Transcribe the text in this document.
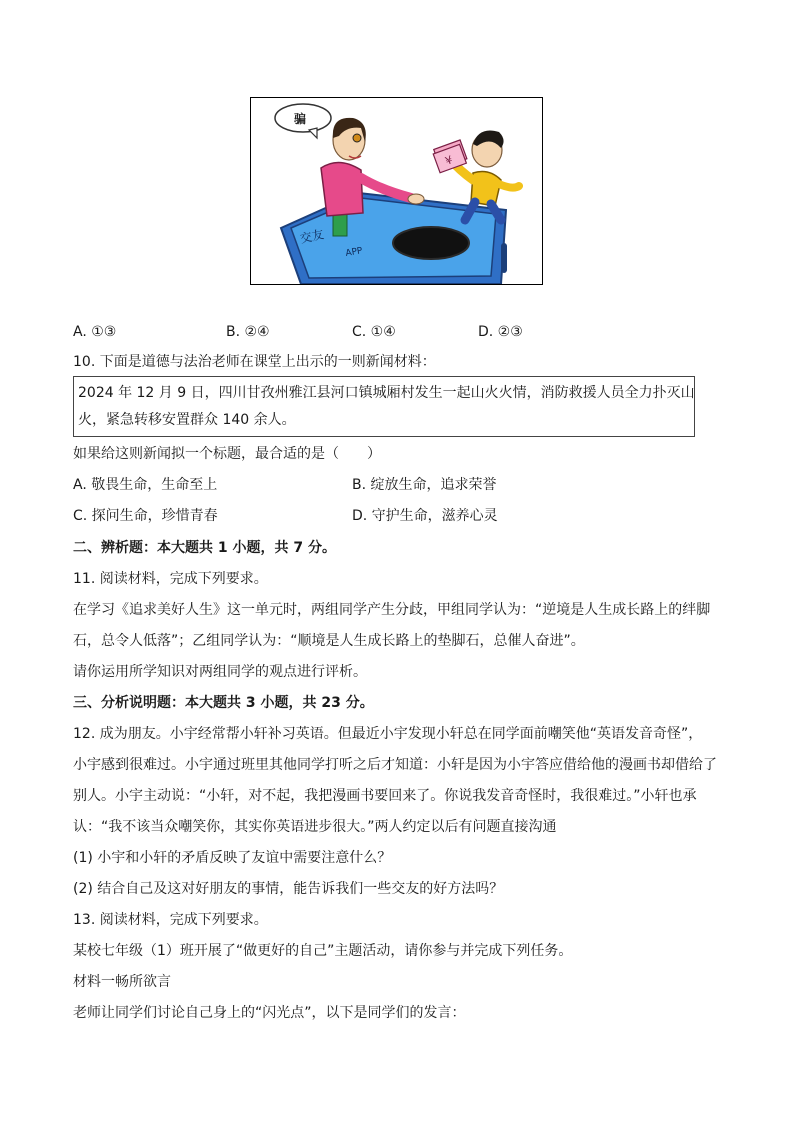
交友
APP
骗
¥
A. ①③	B. ②④	C. ①④	D. ②③
10. 下面是道德与法治老师在课堂上出示的一则新闻材料：
2024 年 12 月 9 日，四川甘孜州雅江县河口镇城厢村发生一起山火火情，消防救援人员全力扑灭山
火，紧急转移安置群众 140 余人。
如果给这则新闻拟一个标题，最合适的是（　　）
A. 敬畏生命，生命至上	B. 绽放生命，追求荣誉
C. 探问生命，珍惜青春	D. 守护生命，滋养心灵
二、辨析题：本大题共 1 小题，共 7 分。
11. 阅读材料，完成下列要求。
在学习《追求美好人生》这一单元时，两组同学产生分歧，甲组同学认为：“逆境是人生成长路上的绊脚
石，总令人低落”；乙组同学认为：“顺境是人生成长路上的垫脚石，总催人奋进”。
请你运用所学知识对两组同学的观点进行评析。
三、分析说明题：本大题共 3 小题，共 23 分。
12. 成为朋友。小宇经常帮小轩补习英语。但最近小宇发现小轩总在同学面前嘲笑他“英语发音奇怪”，
小宇感到很难过。小宇通过班里其他同学打听之后才知道：小轩是因为小宇答应借给他的漫画书却借给了
别人。小宇主动说：“小轩，对不起，我把漫画书要回来了。你说我发音奇怪时，我很难过。”小轩也承
认：“我不该当众嘲笑你，其实你英语进步很大。”两人约定以后有问题直接沟通
(1) 小宇和小轩的矛盾反映了友谊中需要注意什么？
(2) 结合自己及这对好朋友的事情，能告诉我们一些交友的好方法吗？
13. 阅读材料，完成下列要求。
某校七年级（1）班开展了“做更好的自己”主题活动，请你参与并完成下列任务。
材料一畅所欲言
老师让同学们讨论自己身上的“闪光点”，以下是同学们的发言：
